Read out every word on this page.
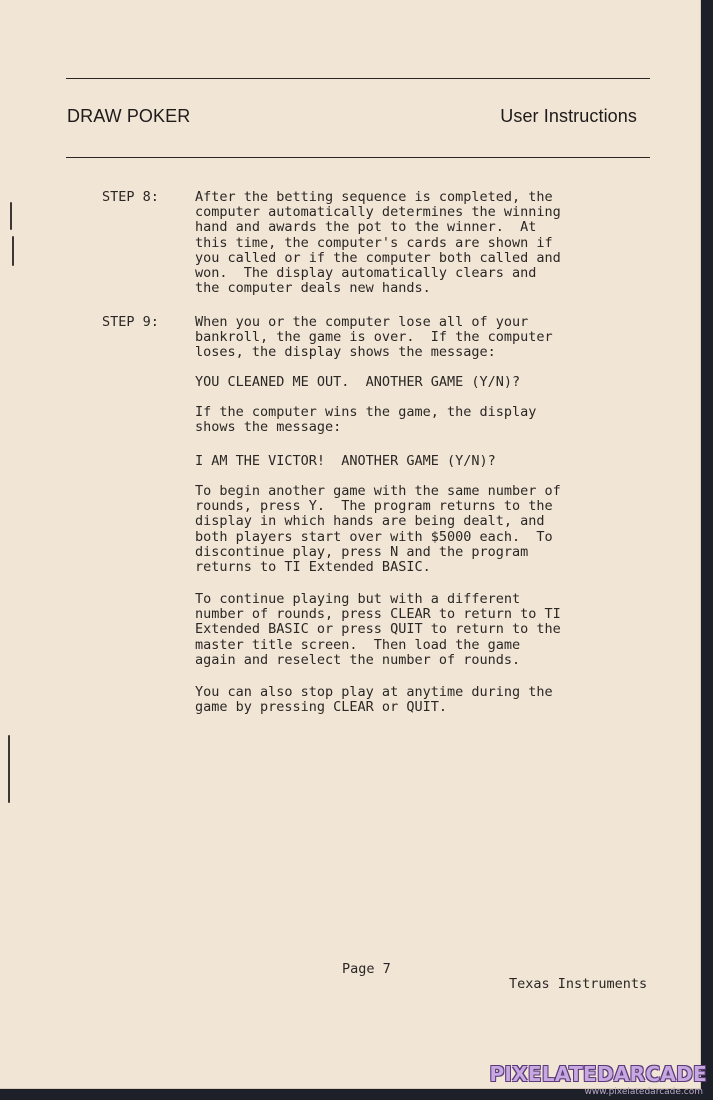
DRAW POKER	User Instructions
STEP 8:	After the betting sequence is completed, the
computer automatically determines the winning
hand and awards the pot to the winner.  At
this time, the computer's cards are shown if
you called or if the computer both called and
won.  The display automatically clears and
the computer deals new hands.
STEP 9:	When you or the computer lose all of your
bankroll, the game is over.  If the computer
loses, the display shows the message:
YOU CLEANED ME OUT.  ANOTHER GAME (Y/N)?
If the computer wins the game, the display
shows the message:
I AM THE VICTOR!  ANOTHER GAME (Y/N)?
To begin another game with the same number of
rounds, press Y.  The program returns to the
display in which hands are being dealt, and
both players start over with $5000 each.  To
discontinue play, press N and the program
returns to TI Extended BASIC.
To continue playing but with a different
number of rounds, press CLEAR to return to TI
Extended BASIC or press QUIT to return to the
master title screen.  Then load the game
again and reselect the number of rounds.
You can also stop play at anytime during the
game by pressing CLEAR or QUIT.
Page 7
Texas Instruments
PIXELATEDARCADE
www.pixelatedarcade.com
